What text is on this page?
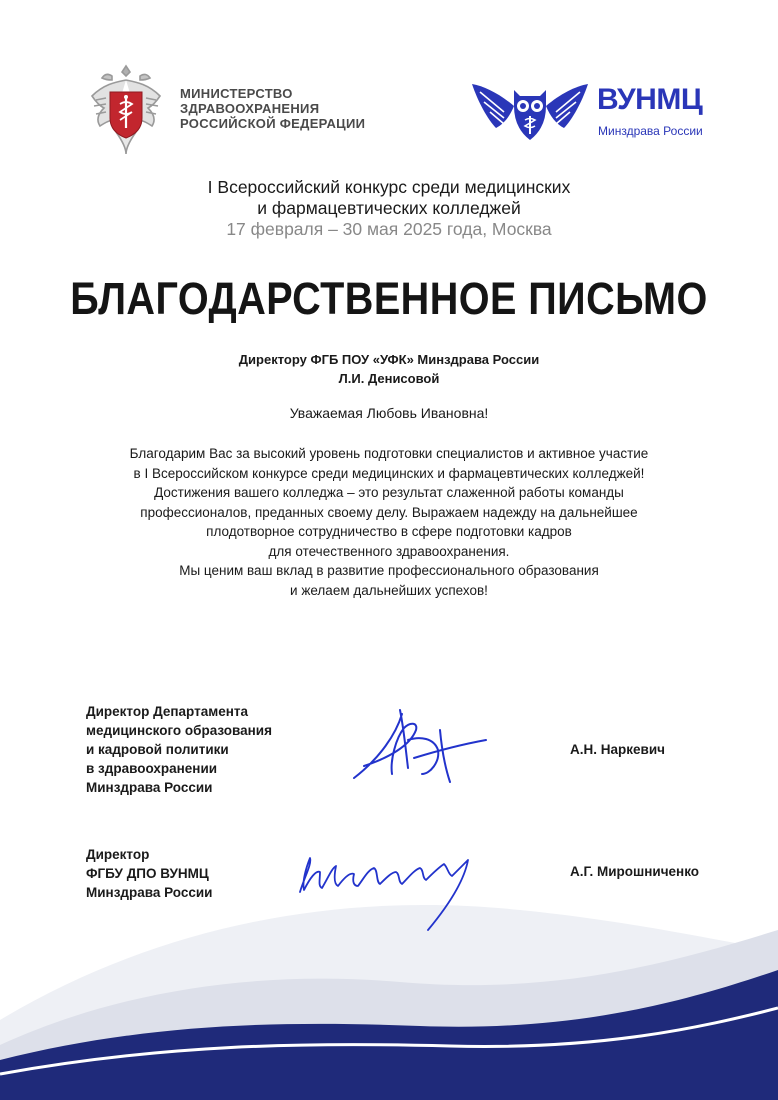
МИНИСТЕРСТВО
ЗДРАВООХРАНЕНИЯ
РОССИЙСКОЙ ФЕДЕРАЦИИ
ВУНМЦ
Минздрава России
I Всероссийский конкурс среди медицинских
и фармацевтических колледжей
17 февраля – 30 мая 2025 года, Москва
БЛАГОДАРСТВЕННОЕ ПИСЬМО
Директору ФГБ ПОУ «УФК» Минздрава России
Л.И. Денисовой
Уважаемая Любовь Ивановна!
Благодарим Вас за высокий уровень подготовки специалистов и активное участие
в I Всероссийском конкурсе среди медицинских и фармацевтических колледжей!
Достижения вашего колледжа – это результат слаженной работы команды
профессионалов, преданных своему делу. Выражаем надежду на дальнейшее
плодотворное сотрудничество в сфере подготовки кадров
для отечественного здравоохранения.
Мы ценим ваш вклад в развитие профессионального образования
и желаем дальнейших успехов!
Директор Департамента
медицинского образования
и кадровой политики
в здравоохранении
Минздрава России
А.Н. Наркевич
Директор
ФГБУ ДПО ВУНМЦ
Минздрава России
А.Г. Мирошниченко
